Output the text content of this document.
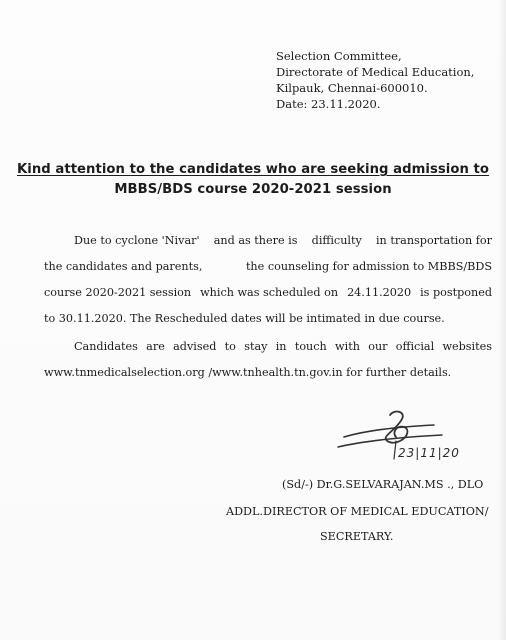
Selection Committee,
Directorate of Medical Education,
Kilpauk, Chennai-600010.
Date: 23.11.2020.
Kind attention to the candidates who are seeking admission to
MBBS/BDS course 2020-2021 session
Due to cyclone 'Nivar' and as there is difficulty in transportation for
the candidates and parents,	the counseling for admission to MBBS/BDS
course 2020-2021 session which was scheduled on 24.11.2020 is postponed
to 30.11.2020. The Rescheduled dates will be intimated in due course.
Candidates are advised to stay in touch with our official websites
www.tnmedicalselection.org /www.tnhealth.tn.gov.in for further details.
23|11|20
(Sd/-) Dr.G.SELVARAJAN.MS ., DLO
ADDL.DIRECTOR OF MEDICAL EDUCATION/
SECRETARY.
